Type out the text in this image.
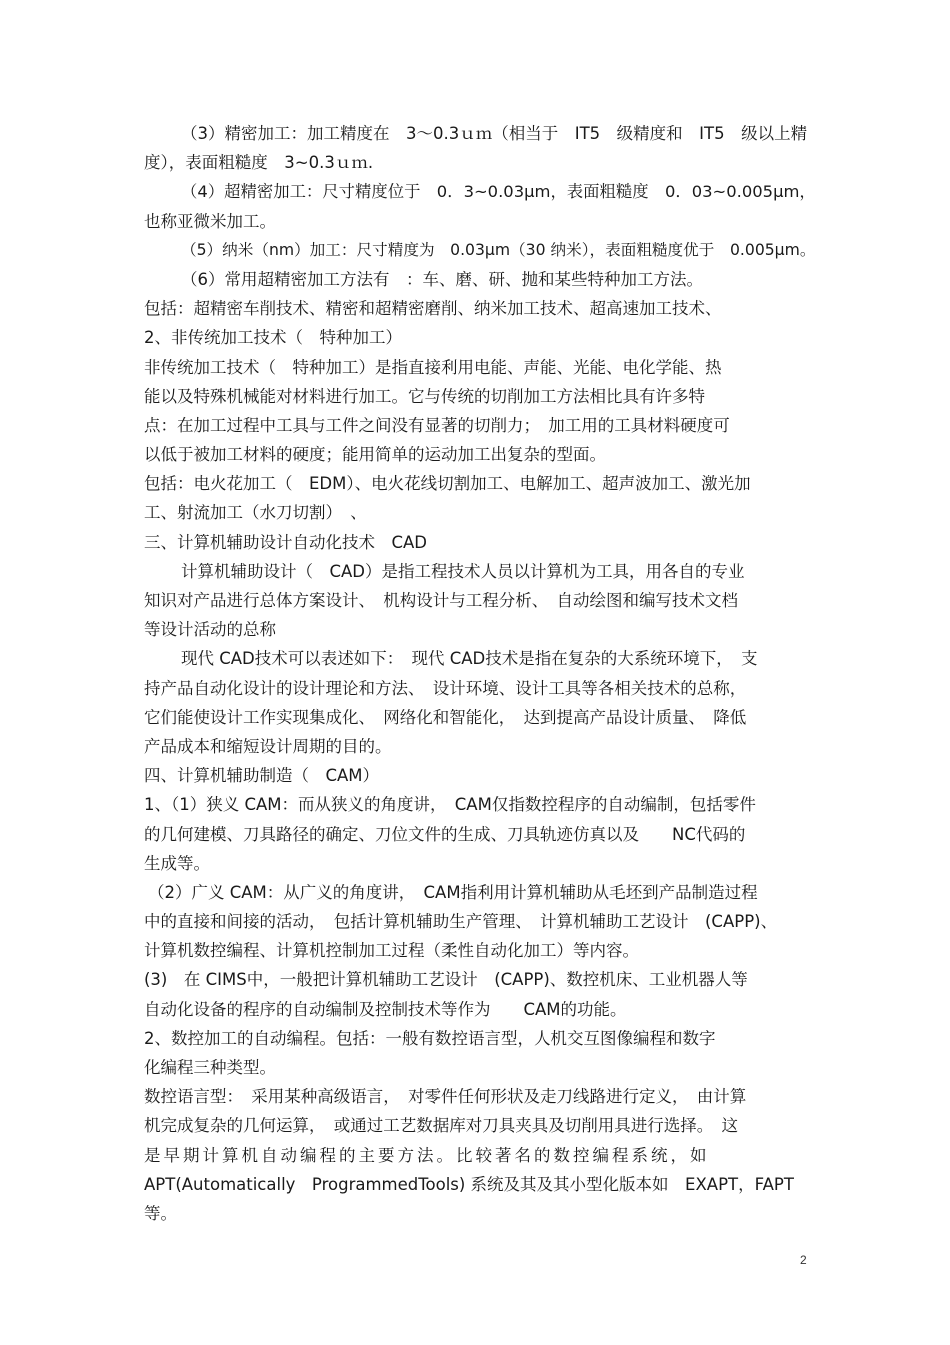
（3）精密加工：加工精度在　3～0.3ｕｍ（相当于　IT5　级精度和　IT5　级以上精
度），表面粗糙度　3~0.3ｕｍ.
（4）超精密加工：尺寸精度位于　0．3~0.03μm，表面粗糙度　0．03~0.005μm，
也称亚微米加工。
（5）纳米（nm）加工：尺寸精度为　0.03μm（30 纳米），表面粗糙度优于　0.005μm。
（6）常用超精密加工方法有　：车、磨、研、抛和某些特种加工方法。
包括：超精密车削技术、精密和超精密磨削、纳米加工技术、超高速加工技术、
2、非传统加工技术（　特种加工）
非传统加工技术（　特种加工）是指直接利用电能、声能、光能、电化学能、热
能以及特殊机械能对材料进行加工。它与传统的切削加工方法相比具有许多特
点：在加工过程中工具与工件之间没有显著的切削力；　加工用的工具材料硬度可
以低于被加工材料的硬度；能用简单的运动加工出复杂的型面。
包括：电火花加工（　EDM）、电火花线切割加工、电解加工、超声波加工、激光加
工、射流加工（水刀切割）　、
三、计算机辅助设计自动化技术　CAD
计算机辅助设计（　CAD）是指工程技术人员以计算机为工具，用各自的专业
知识对产品进行总体方案设计、　机构设计与工程分析、　自动绘图和编写技术文档
等设计活动的总称
现代 CAD技术可以表述如下：　现代 CAD技术是指在复杂的大系统环境下，　支
持产品自动化设计的设计理论和方法、　设计环境、设计工具等各相关技术的总称，
它们能使设计工作实现集成化、　网络化和智能化，　达到提高产品设计质量、　降低
产品成本和缩短设计周期的目的。
四、计算机辅助制造（　CAM）
1、（1）狭义 CAM：而从狭义的角度讲，　CAM仅指数控程序的自动编制，包括零件
的几何建模、刀具路径的确定、刀位文件的生成、刀具轨迹仿真以及　　NC代码的
生成等。
（2）广义 CAM：从广义的角度讲，　CAM指利用计算机辅助从毛坯到产品制造过程
中的直接和间接的活动，　包括计算机辅助生产管理、　计算机辅助工艺设计　(CAPP)、
计算机数控编程、计算机控制加工过程（柔性自动化加工）等内容。
(3)　在 CIMS中，一般把计算机辅助工艺设计　(CAPP)、数控机床、工业机器人等
自动化设备的程序的自动编制及控制技术等作为　　CAM的功能。
2、数控加工的自动编程。包括：一般有数控语言型，人机交互图像编程和数字
化编程三种类型。
数控语言型：　采用某种高级语言，　对零件任何形状及走刀线路进行定义，　由计算
机完成复杂的几何运算，　或通过工艺数据库对刀具夹具及切削用具进行选择。　这
是早期计算机自动编程的主要方法。比较著名的数控编程系统，如
APT(Automatically　ProgrammedTools) 系统及其及其小型化版本如　EXAPT，FAPT
等。
2
